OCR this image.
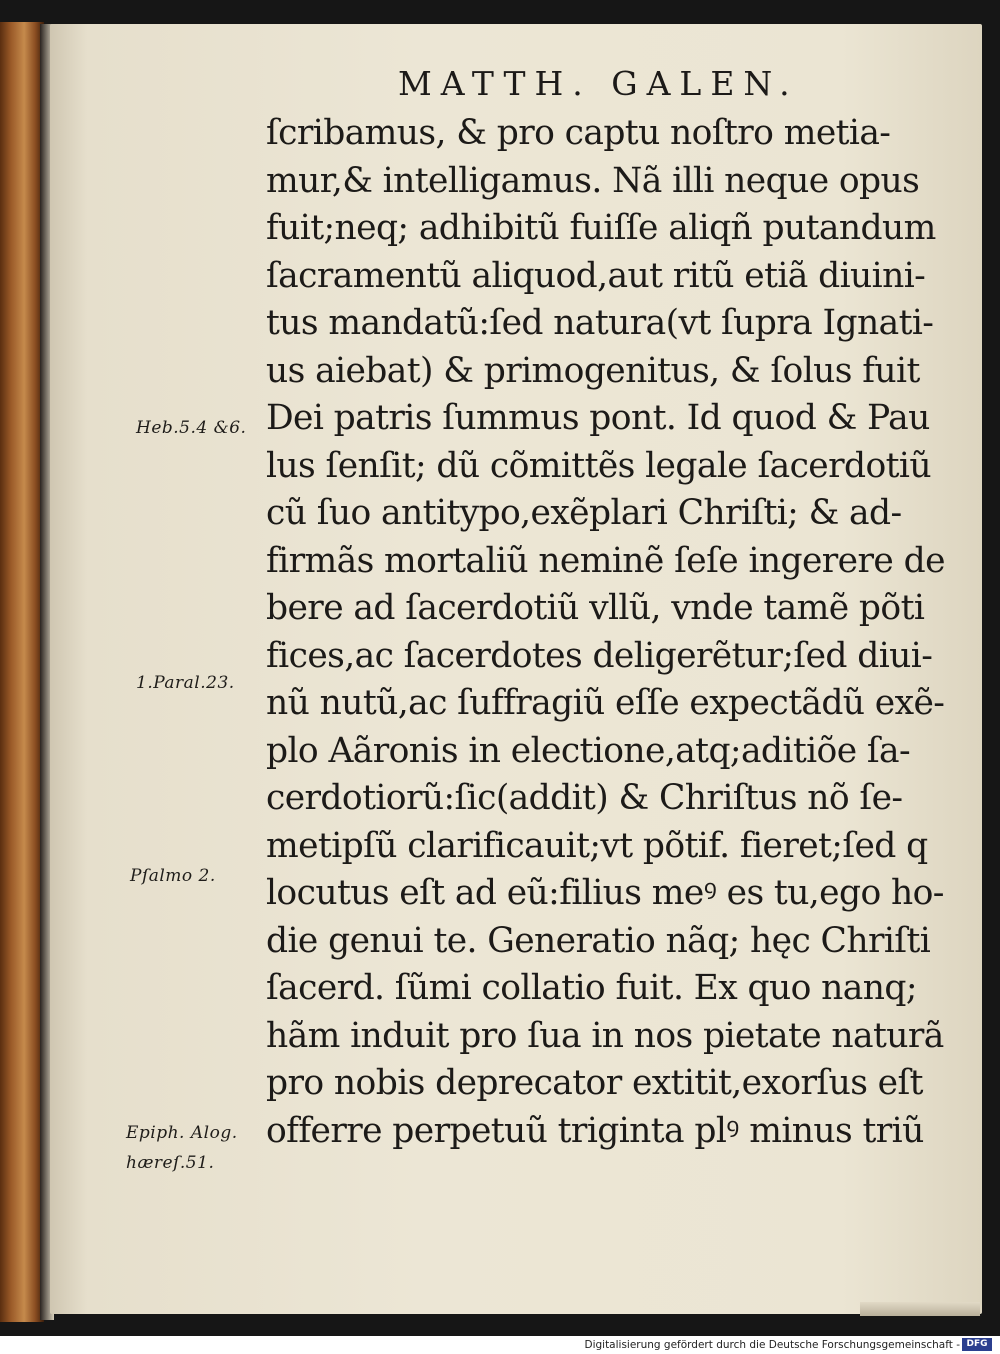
MATTH. GALEN.
ſcribamus, & pro captu noſtro metia-
mur,& intelligamus. Nã illi neque opus
fuit;neq; adhibitũ fuiſſe aliqñ putandum
ſacramentũ aliquod,aut ritũ etiã diuini-
tus mandatũ:ſed natura(vt ſupra Ignati-
us aiebat) & primogenitus, & ſolus fuit
Dei patris ſummus pont. Id quod & Pau
lus ſenſit; dũ cõmittẽs legale ſacerdotiũ
cũ ſuo antitypo,exẽplari Chriſti; & ad-
firmãs mortaliũ neminẽ ſeſe ingerere de
bere ad ſacerdotiũ vllũ, vnde tamẽ põti
fices,ac ſacerdotes deligerẽtur;ſed diui-
nũ nutũ,ac ſuffragiũ eſſe expectãdũ exẽ-
plo Aãronis in electione,atq;aditiõe ſa-
cerdotiorũ:ſic(addit) & Chriſtus nõ ſe-
metipſũ clarificauit;vt põtif. fieret;ſed q
locutus eſt ad eũ:filius meꝰ es tu,ego ho-
die genui te. Generatio nãq; hęc Chriſti
ſacerd. ſũmi collatio fuit. Ex quo nanq;
hãm induit pro ſua in nos pietate naturã
pro nobis deprecator extitit,exorſus eſt
offerre perpetuũ triginta plꝰ minus triũ
Heb.5.4 &6.
1.Paral.23.
Pſalmo 2.
Epiph. Alog.
hæreſ.51.
Digitalisierung gefördert durch die Deutsche Forschungsgemeinschaft - DFG
